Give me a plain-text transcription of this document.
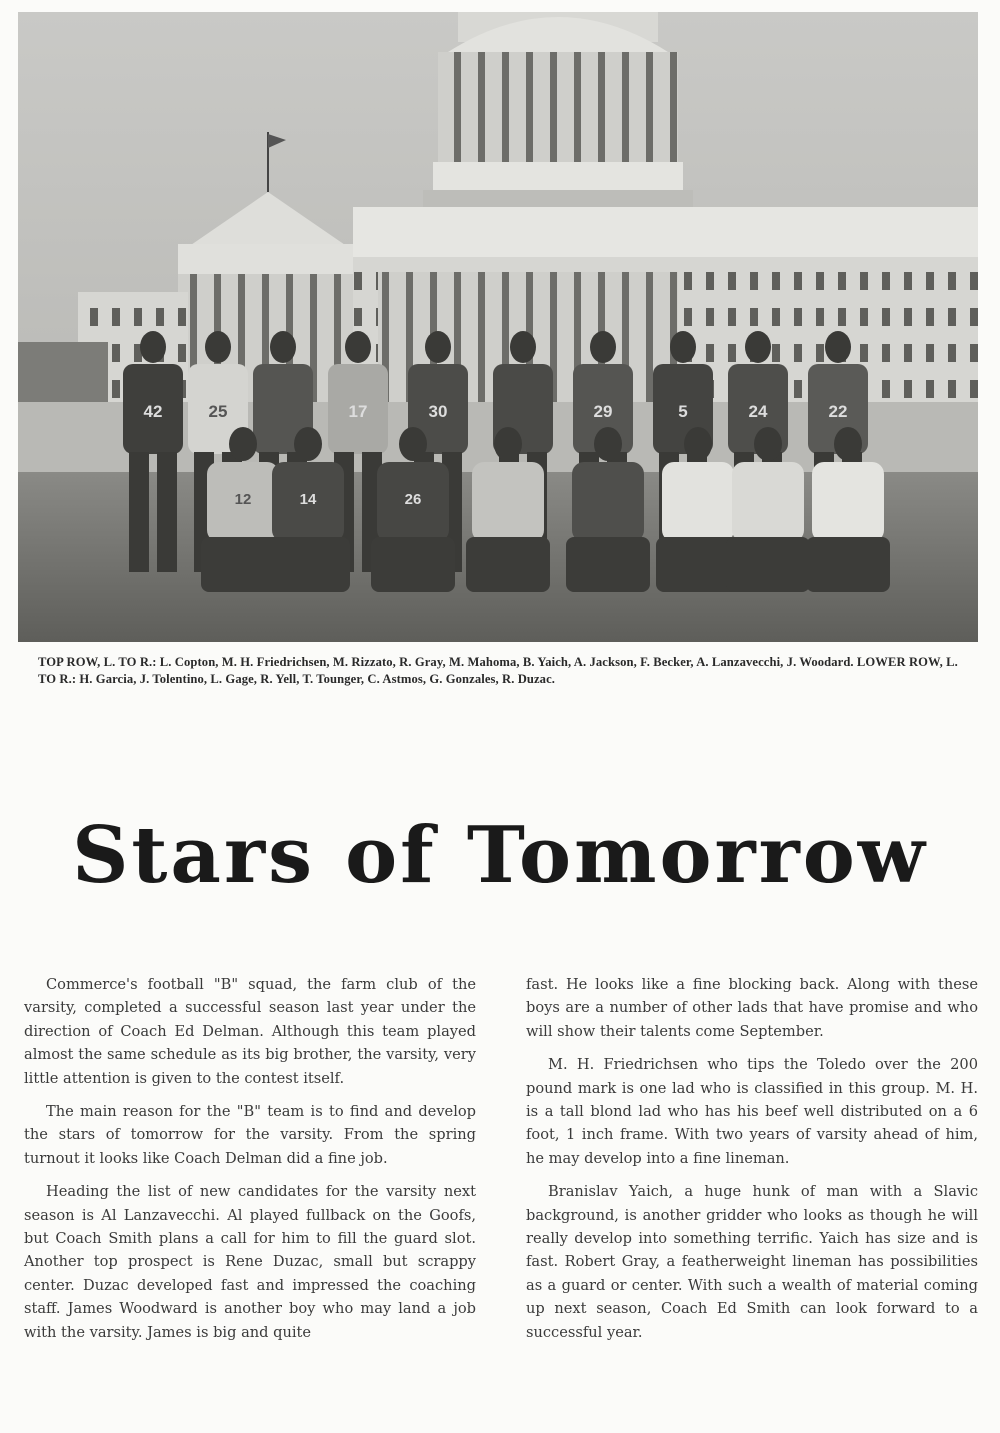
42	25	17	30	29	5	24	22
12	14	26

TOP ROW, L. TO R.: L. Copton, M. H. Friedrichsen, M. Rizzato, R. Gray, M. Mahoma, B. Yaich, A. Jackson, F. Becker, A. Lanzavecchi, J. Woodard. LOWER ROW, L. TO R.: H. Garcia, J. Tolentino, L. Gage, R. Yell, T. Tounger, C. Astmos, G. Gonzales, R. Duzac.

Stars of Tomorrow

Commerce's football "B" squad, the farm club of the varsity, completed a successful season last year under the direction of Coach Ed Delman. Although this team played almost the same schedule as its big brother, the varsity, very little attention is given to the contest itself.

The main reason for the "B" team is to find and develop the stars of tomorrow for the varsity. From the spring turnout it looks like Coach Delman did a fine job.

Heading the list of new candidates for the varsity next season is Al Lanzavecchi. Al played fullback on the Goofs, but Coach Smith plans a call for him to fill the guard slot. Another top prospect is Rene Duzac, small but scrappy center. Duzac developed fast and impressed the coaching staff. James Woodward is another boy who may land a job with the varsity. James is big and quite

fast. He looks like a fine blocking back. Along with these boys are a number of other lads that have promise and who will show their talents come September.

M. H. Friedrichsen who tips the Toledo over the 200 pound mark is one lad who is classified in this group. M. H. is a tall blond lad who has his beef well distributed on a 6 foot, 1 inch frame. With two years of varsity ahead of him, he may develop into a fine lineman.

Branislav Yaich, a huge hunk of man with a Slavic background, is another gridder who looks as though he will really develop into something terrific. Yaich has size and is fast. Robert Gray, a featherweight lineman has possibilities as a guard or center. With such a wealth of material coming up next season, Coach Ed Smith can look forward to a successful year.
